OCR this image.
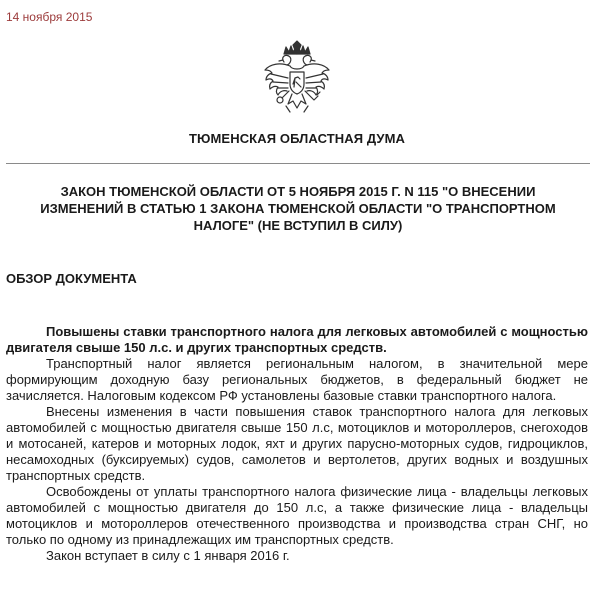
14 ноября 2015
ТЮМЕНСКАЯ ОБЛАСТНАЯ ДУМА
ЗАКОН ТЮМЕНСКОЙ ОБЛАСТИ ОТ 5 НОЯБРЯ 2015 Г. N 115 "О ВНЕСЕНИИ ИЗМЕНЕНИЙ В СТАТЬЮ 1 ЗАКОНА ТЮМЕНСКОЙ ОБЛАСТИ "О ТРАНСПОРТНОМ НАЛОГЕ" (НЕ ВСТУПИЛ В СИЛУ)
ОБЗОР ДОКУМЕНТА

Повышены ставки транспортного налога для легковых автомобилей с мощностью двигателя свыше 150 л.с. и других транспортных средств.

Транспортный налог является региональным налогом, в значительной мере формирующим доходную базу региональных бюджетов, в федеральный бюджет не зачисляется. Налоговым кодексом РФ установлены базовые ставки транспортного налога.

Внесены изменения в части повышения ставок транспортного налога для легковых автомобилей с мощностью двигателя свыше 150 л.с, мотоциклов и мотороллеров, снегоходов и мотосаней, катеров и моторных лодок, яхт и других парусно-моторных судов, гидроциклов, несамоходных (буксируемых) судов, самолетов и вертолетов, других водных и воздушных транспортных средств.

Освобождены от уплаты транспортного налога физические лица - владельцы легковых автомобилей с мощностью двигателя до 150 л.с, а также физические лица - владельцы мотоциклов и мотороллеров отечественного производства и производства стран СНГ, но только по одному из принадлежащих им транспортных средств.

Закон вступает в силу с 1 января 2016 г.
